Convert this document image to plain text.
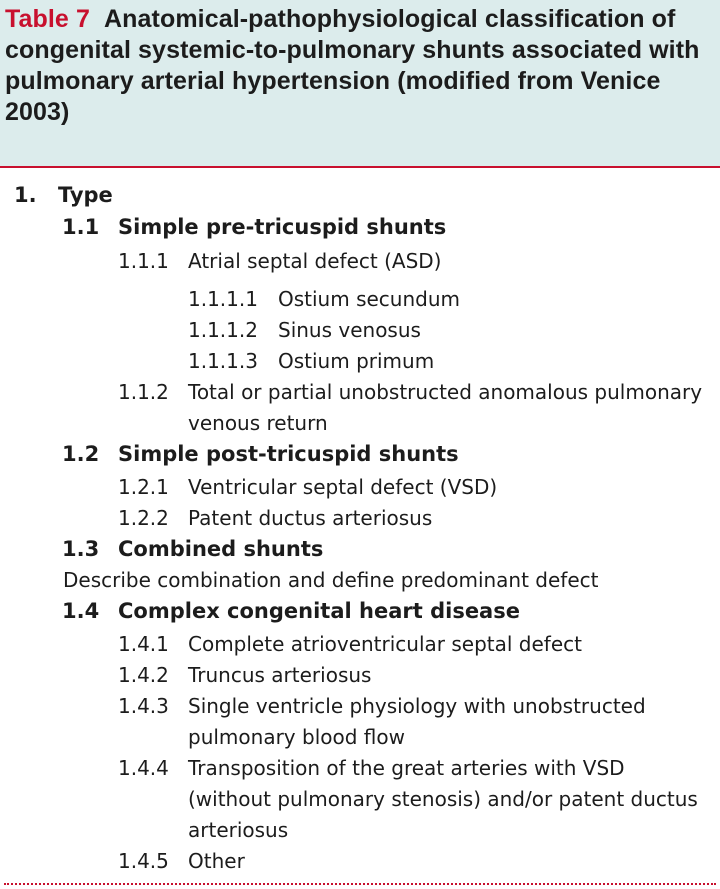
Table 7 Anatomical-pathophysiological classification of congenital systemic-to-pulmonary shunts associated with pulmonary arterial hypertension (modified from Venice 2003)
1. Type
1.1 Simple pre-tricuspid shunts
1.1.1 Atrial septal defect (ASD)
1.1.1.1 Ostium secundum
1.1.1.2 Sinus venosus
1.1.1.3 Ostium primum
1.1.2 Total or partial unobstructed anomalous pulmonary
venous return
1.2 Simple post-tricuspid shunts
1.2.1 Ventricular septal defect (VSD)
1.2.2 Patent ductus arteriosus
1.3 Combined shunts
Describe combination and define predominant defect
1.4 Complex congenital heart disease
1.4.1 Complete atrioventricular septal defect
1.4.2 Truncus arteriosus
1.4.3 Single ventricle physiology with unobstructed
pulmonary blood flow
1.4.4 Transposition of the great arteries with VSD
(without pulmonary stenosis) and/or patent ductus
arteriosus
1.4.5 Other
